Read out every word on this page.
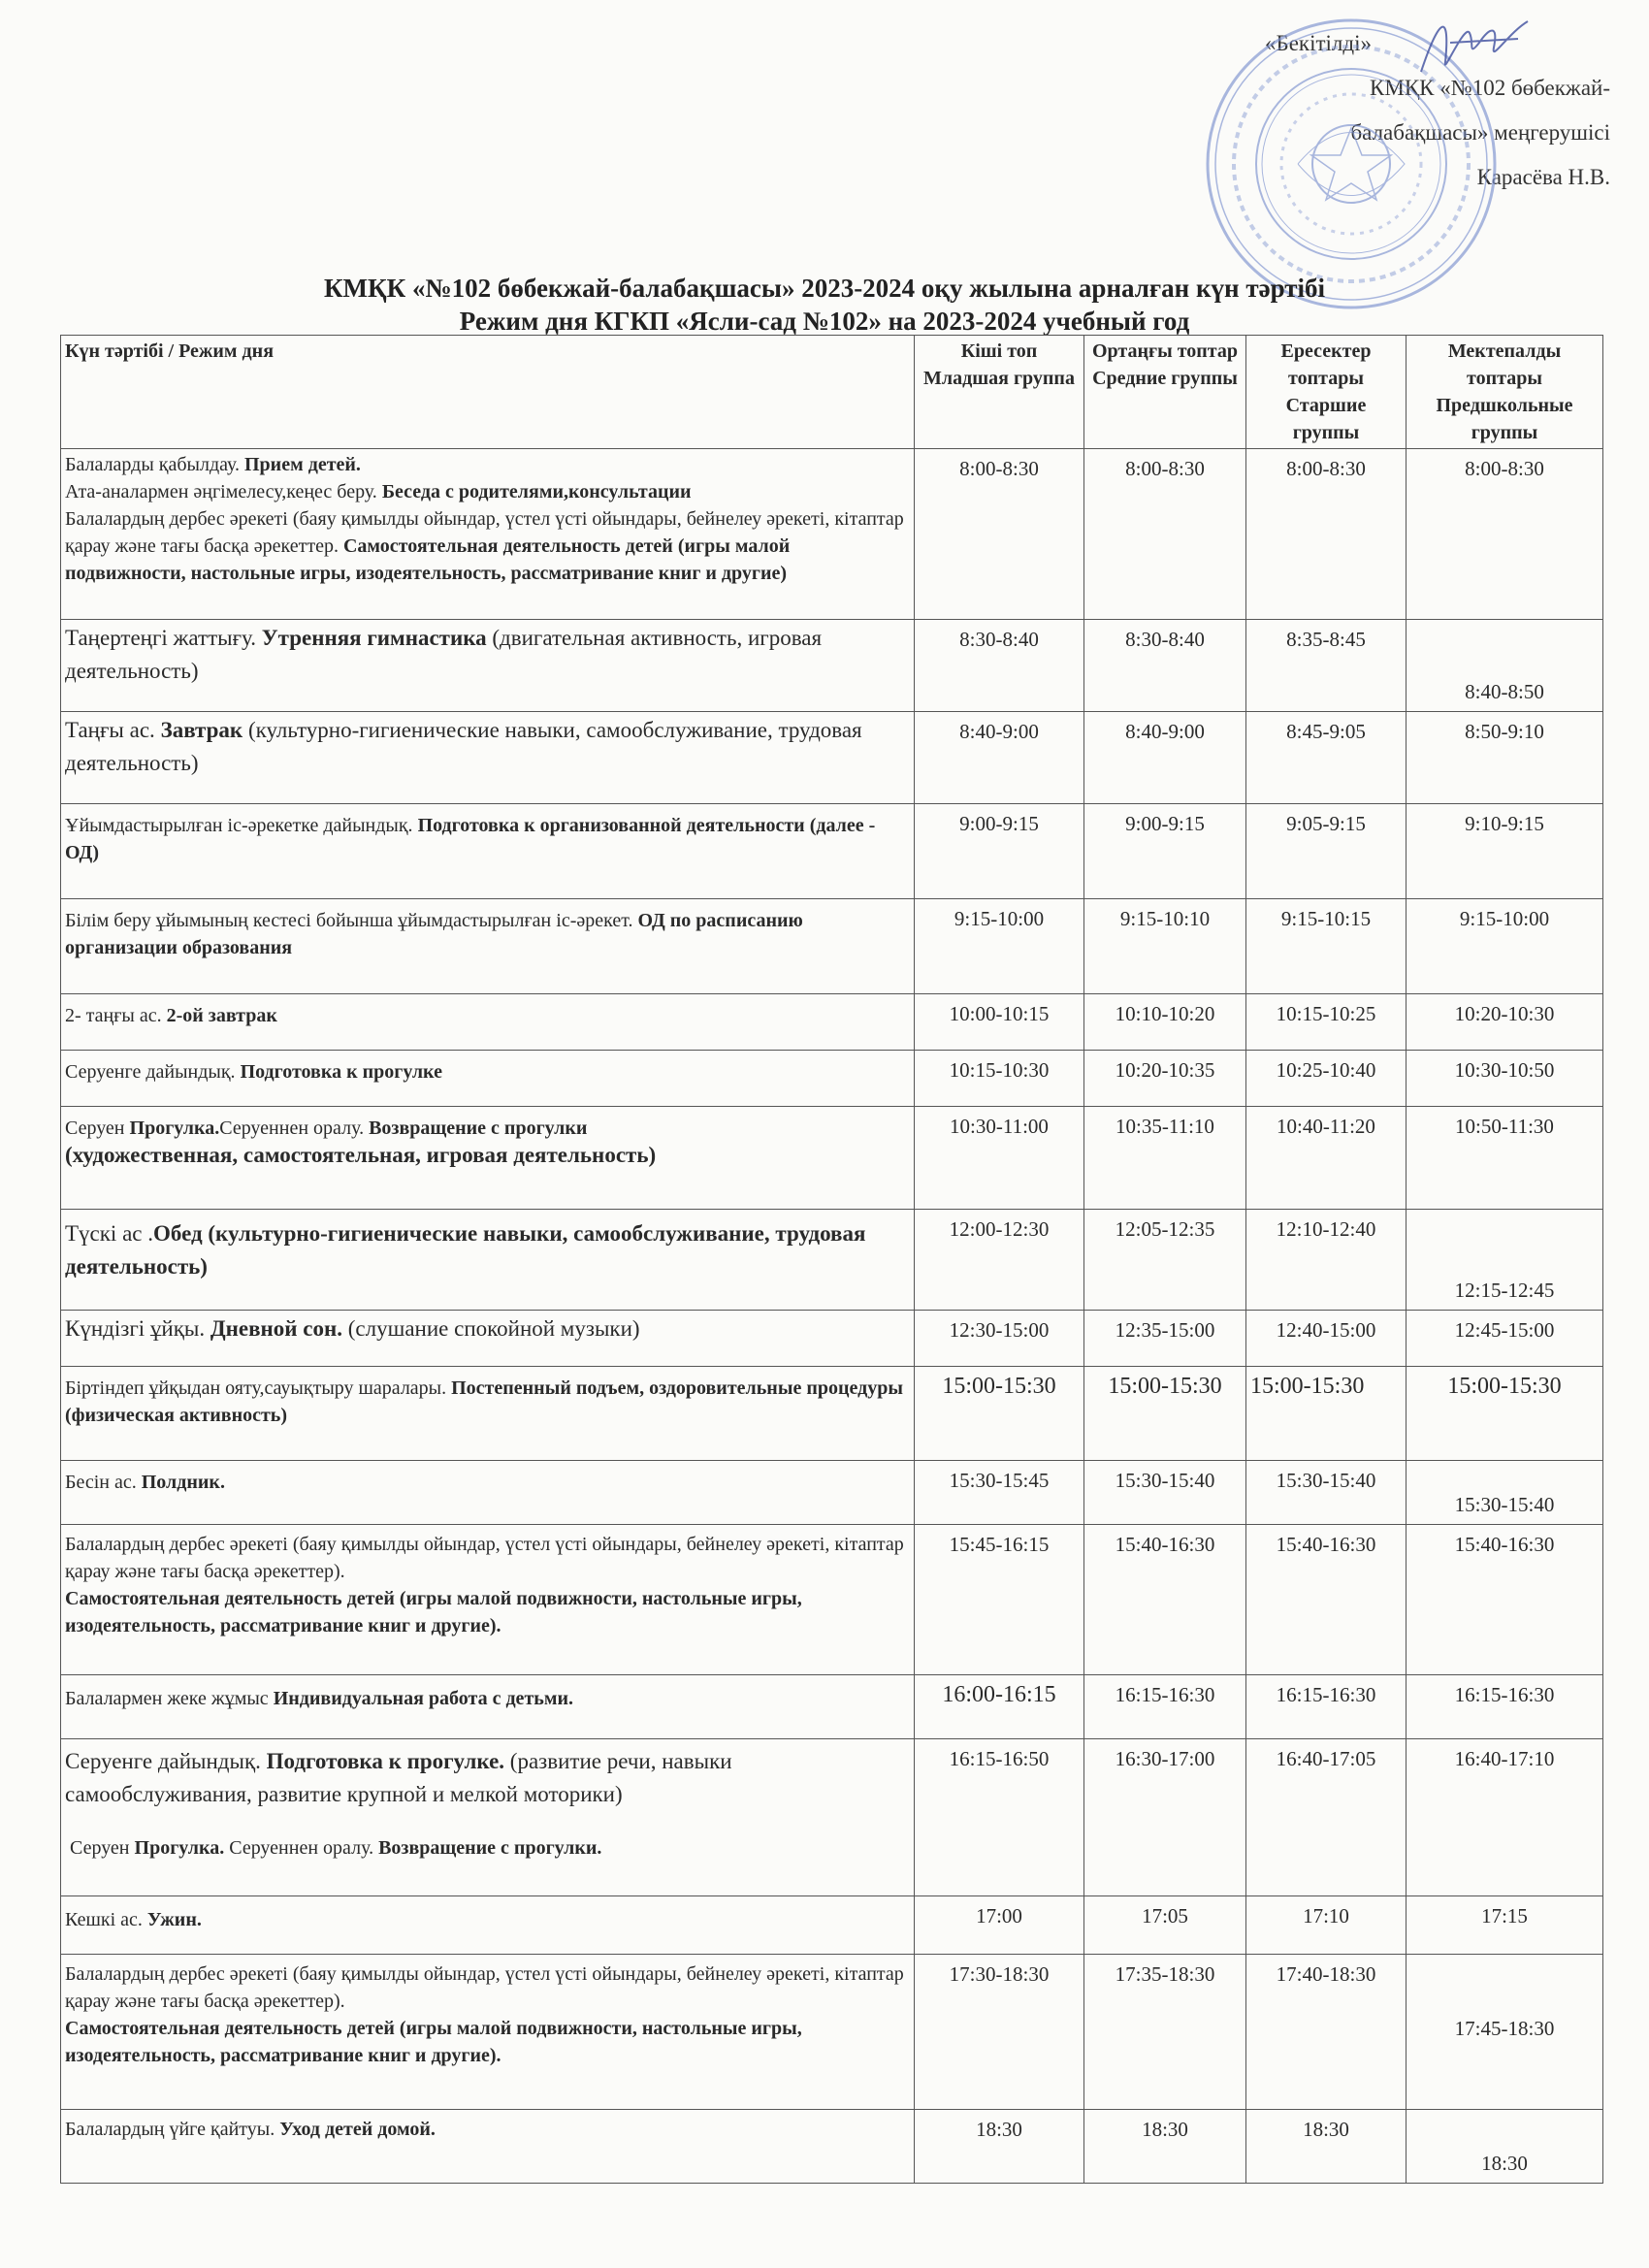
«Бекітілді»
КМҚК «№102 бөбекжай-
балабақшасы» меңгерушісі
Карасёва Н.В.
КМҚК «№102 бөбекжай-балабақшасы» 2023-2024 оқу жылына арналған күн тәртібі
Режим дня КГКП «Ясли-сад №102» на 2023-2024 учебный год
Күн тәртібі / Режим дня	Кіші топ Младшая группа	Ортаңғы топтар Средние группы	Ересектер топтары Старшие группы	Мектепалды топтары Предшкольные группы
Балаларды қабылдау. Прием детей.
Ата-аналармен әңгімелесу,кеңес беру. Беседа с родителями,консультации
Балалардың дербес әрекеті (баяу қимылды ойындар, үстел үсті ойындары, бейнелеу әрекеті, кітаптар қарау және тағы басқа әрекеттер. Самостоятельная деятельность детей (игры малой подвижности, настольные игры, изодеятельность, рассматривание книг и другие)	8:00-8:30	8:00-8:30	8:00-8:30	8:00-8:30
Таңертеңгі жаттығу. Утренняя гимнастика (двигательная активность, игровая деятельность)	8:30-8:40	8:30-8:40	8:35-8:45	8:40-8:50
Таңғы ас. Завтрак (культурно-гигиенические навыки, самообслуживание, трудовая деятельность)	8:40-9:00	8:40-9:00	8:45-9:05	8:50-9:10
Ұйымдастырылған іс-әрекетке дайындық. Подготовка к организованной деятельности (далее - ОД)	9:00-9:15	9:00-9:15	9:05-9:15	9:10-9:15
Білім беру ұйымының кестесі бойынша ұйымдастырылған іс-әрекет. ОД по расписанию организации образования	9:15-10:00	9:15-10:10	9:15-10:15	9:15-10:00
2- таңғы ас. 2-ой завтрак	10:00-10:15	10:10-10:20	10:15-10:25	10:20-10:30
Серуенге дайындық. Подготовка к прогулке	10:15-10:30	10:20-10:35	10:25-10:40	10:30-10:50
Серуен Прогулка.Серуеннен оралу. Возвращение с прогулки
(художественная, самостоятельная, игровая деятельность)	10:30-11:00	10:35-11:10	10:40-11:20	10:50-11:30
Түскі ас .Обед (культурно-гигиенические навыки, самообслуживание, трудовая деятельность)	12:00-12:30	12:05-12:35	12:10-12:40	12:15-12:45
Күндізгі ұйқы. Дневной сон. (слушание спокойной музыки)	12:30-15:00	12:35-15:00	12:40-15:00	12:45-15:00
Біртіндеп ұйқыдан ояту,сауықтыру шаралары. Постепенный подъем, оздоровительные процедуры (физическая активность)	15:00-15:30	15:00-15:30	15:00-15:30	15:00-15:30
Бесін ас. Полдник.	15:30-15:45	15:30-15:40	15:30-15:40	15:30-15:40
Балалардың дербес әрекеті (баяу қимылды ойындар, үстел үсті ойындары, бейнелеу әрекеті, кітаптар қарау және тағы басқа әрекеттер).
Самостоятельная деятельность детей (игры малой подвижности, настольные игры, изодеятельность, рассматривание книг и другие).	15:45-16:15	15:40-16:30	15:40-16:30	15:40-16:30
Балалармен жеке жұмыс Индивидуальная работа с детьми.	16:00-16:15	16:15-16:30	16:15-16:30	16:15-16:30
Серуенге дайындық. Подготовка к прогулке. (развитие речи, навыки самообслуживания, развитие крупной и мелкой моторики)
Серуен Прогулка. Серуеннен оралу. Возвращение с прогулки.	16:15-16:50	16:30-17:00	16:40-17:05	16:40-17:10
Кешкі ас. Ужин.	17:00	17:05	17:10	17:15
Балалардың дербес әрекеті (баяу қимылды ойындар, үстел үсті ойындары, бейнелеу әрекеті, кітаптар қарау және тағы басқа әрекеттер).
Самостоятельная деятельность детей (игры малой подвижности, настольные игры, изодеятельность, рассматривание книг и другие).	17:30-18:30	17:35-18:30	17:40-18:30	17:45-18:30
Балалардың үйге қайтуы. Уход детей домой.	18:30	18:30	18:30	18:30
